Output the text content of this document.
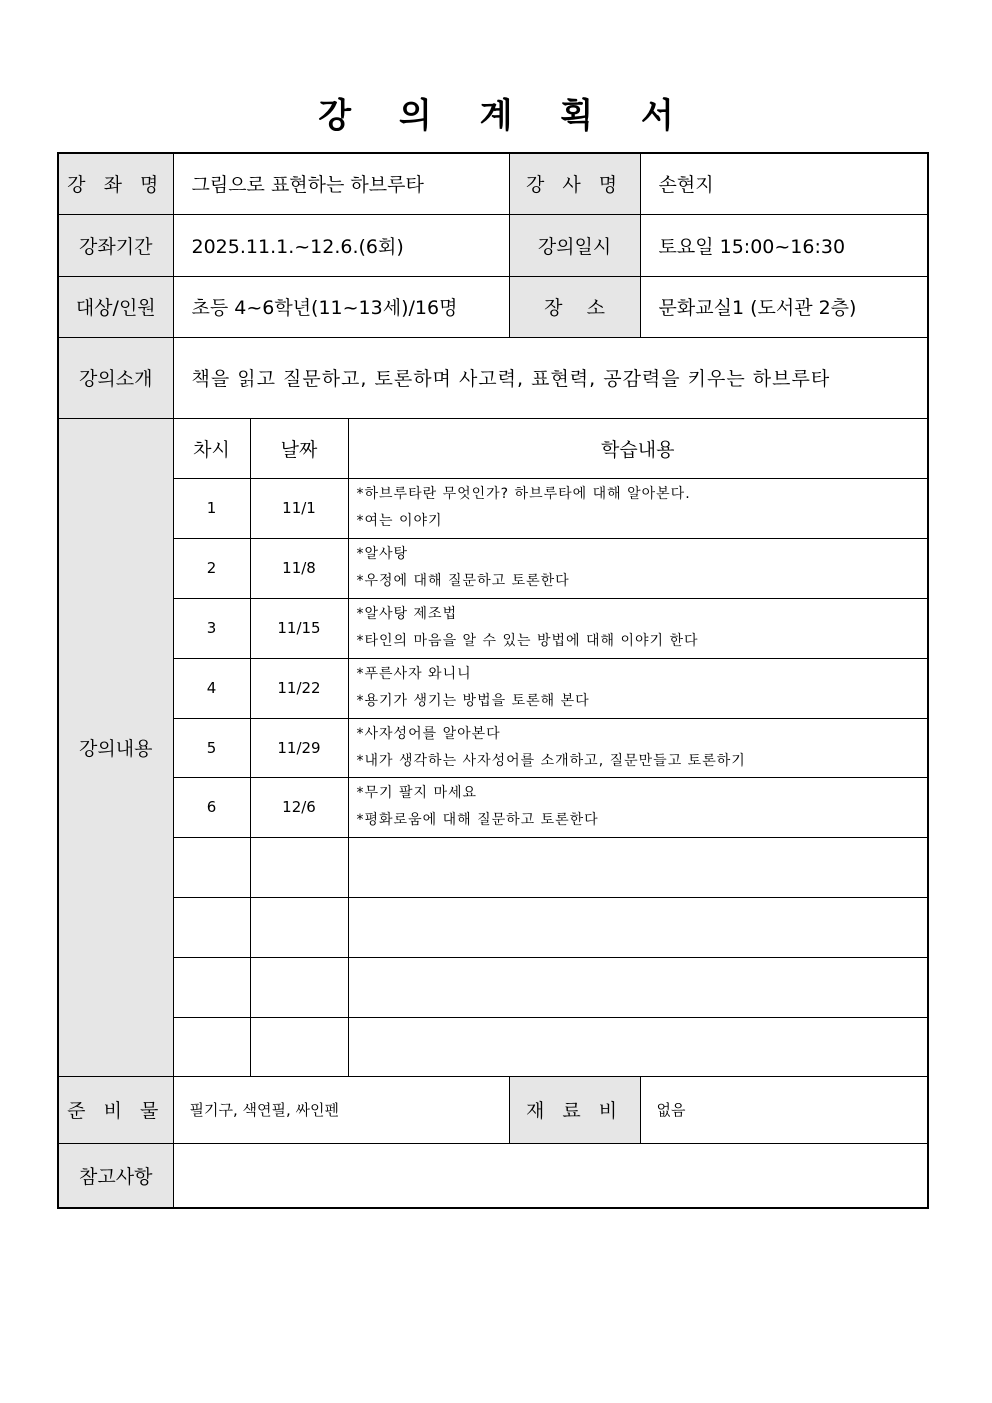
강 의 계 획 서
강 좌 명	그림으로 표현하는 하브루타			강 사 명	손현지
강좌기간	2025.11.1.~12.6.(6회)			강의일시	토요일 15:00~16:30
대상/인원	초등 4~6학년(11~13세)/16명			장    소	문화교실1 (도서관 2층)
강의소개	책을 읽고 질문하고, 토론하며 사고력, 표현력, 공감력을 키우는 하브루타				
강의내용	차시	날짜	학습내용		
	1	11/1	*하브루타란 무엇인가? 하브루타에 대해 알아본다.
*여는 이야기		

	2	11/8	*알사탕
*우정에 대해 질문하고 토론한다		

	3	11/15	*알사탕 제조법
*타인의 마음을 알 수 있는 방법에 대해 이야기 한다		

	4	11/22	*푸른사자 와니니
*용기가 생기는 방법을 토론해 본다		

	5	11/29	*사자성어를 알아본다
*내가 생각하는 사자성어를 소개하고, 질문만들고 토론하기		

	6	12/6	*무기 팔지 마세요
*평화로움에 대해 질문하고 토론한다		

준 비 물	필기구, 색연필, 싸인펜			재 료 비	없음
참고사항					
